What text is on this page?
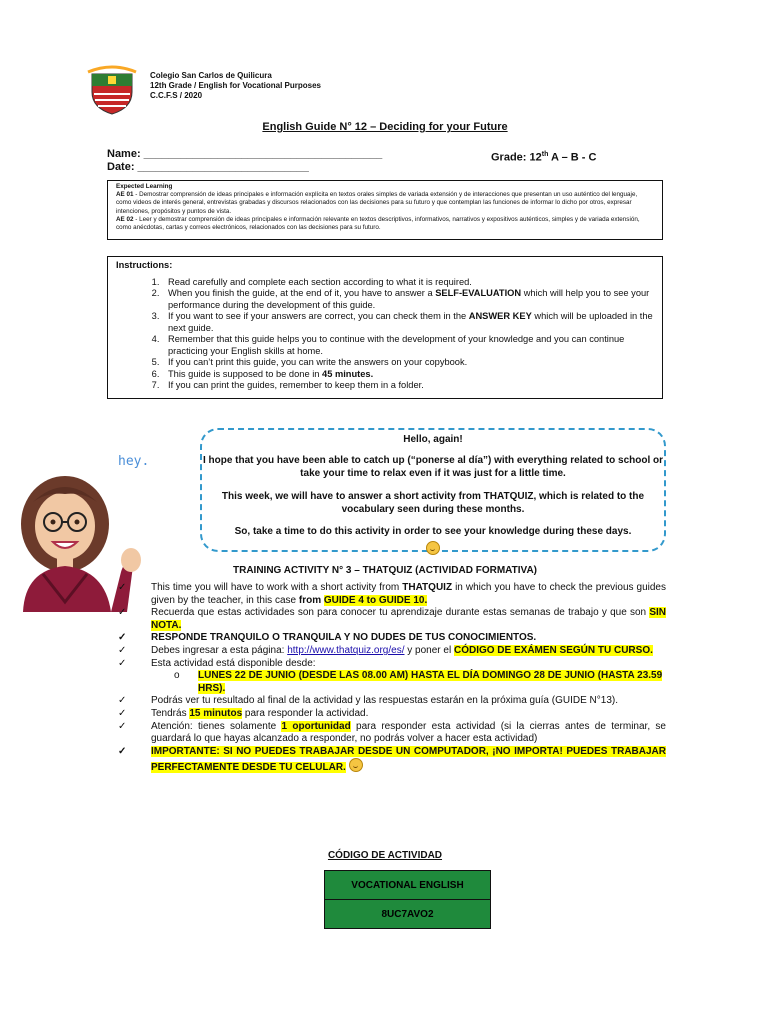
Colegio San Carlos de Quilicura
12th Grade / English for Vocational Purposes
C.C.F.S / 2020
English Guide N° 12 – Deciding for your Future
Name: _______________________________________	Grade: 12th A – B - C
Date: ____________________________
Expected Learning
AE 01 - Demostrar comprensión de ideas principales e información explícita en textos orales simples de variada extensión y de interacciones que presentan un uso auténtico del lenguaje, como videos de interés general, entrevistas grabadas y discursos relacionados con las decisiones para su futuro y que contemplan las funciones de informar lo dicho por otros, expresar intenciones, propósitos y puntos de vista.
AE 02 - Leer y demostrar comprensión de ideas principales e información relevante en textos descriptivos, informativos, narrativos y expositivos auténticos, simples y de variada extensión, como anécdotas, cartas y correos electrónicos, relacionados con las decisiones para su futuro.
Instructions:
1. Read carefully and complete each section according to what it is required.
2. When you finish the guide, at the end of it, you have to answer a SELF-EVALUATION which will help you to see your performance during the development of this guide.
3. If you want to see if your answers are correct, you can check them in the ANSWER KEY which will be uploaded in the next guide.
4. Remember that this guide helps you to continue with the development of your knowledge and you can continue practicing your English skills at home.
5. If you can’t print this guide, you can write the answers on your copybook.
6. This guide is supposed to be done in 45 minutes.
7. If you can print the guides, remember to keep them in a folder.
hey.
Hello, again!
I hope that you have been able to catch up (“ponerse al día”) with everything related to school or take your time to relax even if it was just for a little time.
This week, we will have to answer a short activity from THATQUIZ, which is related to the vocabulary seen during these months.
So, take a time to do this activity in order to see your knowledge during these days.
TRAINING ACTIVITY N° 3 – THATQUIZ (ACTIVIDAD FORMATIVA)
✓ This time you will have to work with a short activity from THATQUIZ in which you have to check the previous guides given by the teacher, in this case from GUIDE 4 to GUIDE 10.
✓ Recuerda que estas actividades son para conocer tu aprendizaje durante estas semanas de trabajo y que son SIN NOTA.
✓ RESPONDE TRANQUILO O TRANQUILA Y NO DUDES DE TUS CONOCIMIENTOS.
✓ Debes ingresar a esta página: http://www.thatquiz.org/es/ y poner el CÓDIGO DE EXÁMEN SEGÚN TU CURSO.
✓ Esta actividad está disponible desde:
o LUNES 22 DE JUNIO (DESDE LAS 08.00 AM) HASTA EL DÍA DOMINGO 28 DE JUNIO (HASTA 23.59 HRS).
✓ Podrás ver tu resultado al final de la actividad y las respuestas estarán en la próxima guía (GUIDE N°13).
✓ Tendrás 15 minutos para responder la actividad.
✓ Atención: tienes solamente 1 oportunidad para responder esta actividad (si la cierras antes de terminar, se guardará lo que hayas alcanzado a responder, no podrás volver a hacer esta actividad)
✓ IMPORTANTE: SI NO PUEDES TRABAJAR DESDE UN COMPUTADOR, ¡NO IMPORTA! PUEDES TRABAJAR PERFECTAMENTE DESDE TU CELULAR.
CÓDIGO DE ACTIVIDAD
VOCATIONAL ENGLISH
8UC7AVO2
